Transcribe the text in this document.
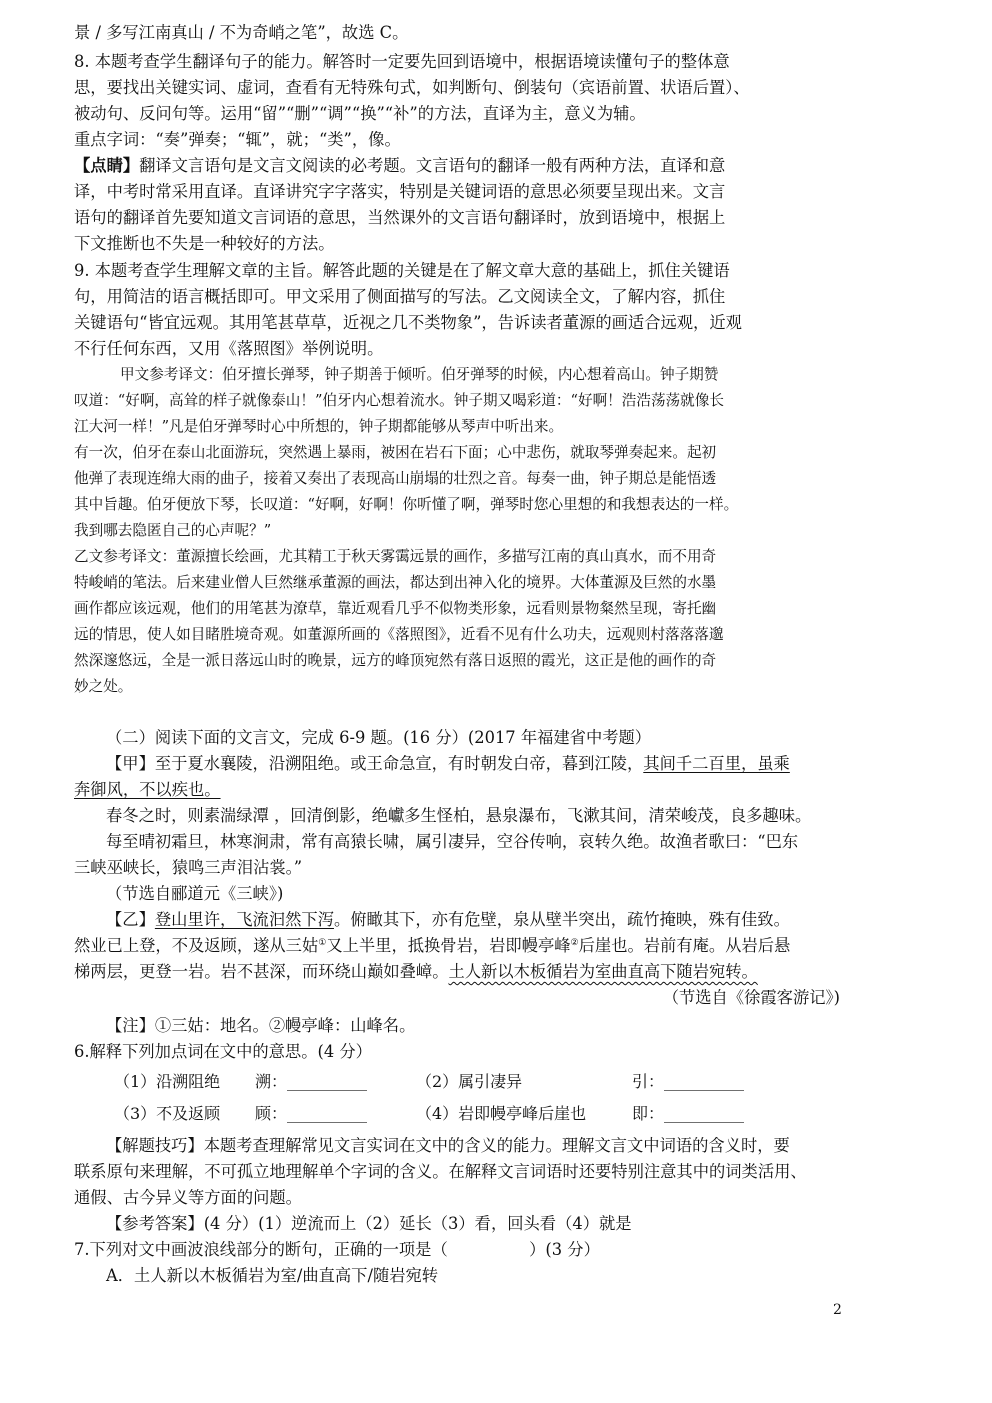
景 / 多写江南真山 / 不为奇峭之笔”，故选 C。
8. 本题考查学生翻译句子的能力。解答时一定要先回到语境中，根据语境读懂句子的整体意
思，要找出关键实词、虚词，查看有无特殊句式，如判断句、倒装句（宾语前置、状语后置）、
被动句、反问句等。运用“留”“删”“调”“换”“补”的方法，直译为主，意义为辅。
重点字词：“奏”弹奏；“辄”，就；“类”，像。
【点睛】翻译文言语句是文言文阅读的必考题。文言语句的翻译一般有两种方法，直译和意
译，中考时常采用直译。直译讲究字字落实，特别是关键词语的意思必须要呈现出来。文言
语句的翻译首先要知道文言词语的意思，当然课外的文言语句翻译时，放到语境中，根据上
下文推断也不失是一种较好的方法。
9. 本题考查学生理解文章的主旨。解答此题的关键是在了解文章大意的基础上，抓住关键语
句，用简洁的语言概括即可。甲文采用了侧面描写的写法。乙文阅读全文，了解内容，抓住
关键语句“皆宜远观。其用笔甚草草，近视之几不类物象”，告诉读者董源的画适合远观，近观
不行任何东西，又用《落照图》举例说明。
甲文参考译文：伯牙擅长弹琴，钟子期善于倾听。伯牙弹琴的时候，内心想着高山。钟子期赞
叹道：“好啊，高耸的样子就像泰山！”伯牙内心想着流水。钟子期又喝彩道：“好啊！浩浩荡荡就像长
江大河一样！”凡是伯牙弹琴时心中所想的，钟子期都能够从琴声中听出来。
有一次，伯牙在泰山北面游玩，突然遇上暴雨，被困在岩石下面；心中悲伤，就取琴弹奏起来。起初
他弹了表现连绵大雨的曲子，接着又奏出了表现高山崩塌的壮烈之音。每奏一曲，钟子期总是能悟透
其中旨趣。伯牙便放下琴，长叹道：“好啊，好啊！你听懂了啊，弹琴时您心里想的和我想表达的一样。
我到哪去隐匿自己的心声呢？”
乙文参考译文：董源擅长绘画，尤其精工于秋天雾霭远景的画作，多描写江南的真山真水，而不用奇
特峻峭的笔法。后来建业僧人巨然继承董源的画法，都达到出神入化的境界。大体董源及巨然的水墨
画作都应该远观，他们的用笔甚为潦草，靠近观看几乎不似物类形象，远看则景物粲然呈现，寄托幽
远的情思，使人如目睹胜境奇观。如董源所画的《落照图》，近看不见有什么功夫，远观则村落落落邈
然深邃悠远，全是一派日落远山时的晚景，远方的峰顶宛然有落日返照的霞光，这正是他的画作的奇
妙之处。
（二）阅读下面的文言文，完成 6-9 题。(16 分）(2017 年福建省中考题）
【甲】至于夏水襄陵，沿溯阻绝。或王命急宣，有时朝发白帝，暮到江陵，其间千二百里，虽乘
奔御风，不以疾也。
春冬之时，则素湍绿潭 ，回清倒影，绝巘多生怪柏，悬泉瀑布，飞漱其间，清荣峻茂，良多趣味。
每至晴初霜旦，林寒涧肃，常有高猿长啸，属引凄异，空谷传响，哀转久绝。故渔者歌曰：“巴东
三峡巫峡长，猿鸣三声泪沾裳。”
（节选自郦道元《三峡》)
【乙】登山里许，飞流汩然下泻。俯瞰其下，亦有危壁，泉从壁半突出，疏竹掩映，殊有佳致。
然业已上登，不及返顾，遂从三姑①又上半里，抵换骨岩，岩即幔亭峰②后崖也。岩前有庵。从岩后悬
梯两层，更登一岩。岩不甚深，而环绕山巅如叠嶂。土人新以木板循岩为室曲直高下随岩宛转。
（节选自《徐霞客游记》)
【注】①三姑：地名。②幔亭峰：山峰名。
6.解释下列加点词在文中的意思。(4 分）
（1）沿溯阻绝 溯：__________	（2）属引凄异	引：__________
（3）不及返顾 顾：__________	（4）岩即幔亭峰后崖也	即：__________
【解题技巧】本题考查理解常见文言实词在文中的含义的能力。理解文言文中词语的含义时，要
联系原句来理解，不可孤立地理解单个字词的含义。在解释文言词语时还要特别注意其中的词类活用、
通假、古今异义等方面的问题。
【参考答案】(4 分）(1）逆流而上（2）延长（3）看，回头看（4）就是
7.下列对文中画波浪线部分的断句，正确的一项是（　　　　　）(3 分）
A．土人新以木板循岩为室/曲直高下/随岩宛转
2
